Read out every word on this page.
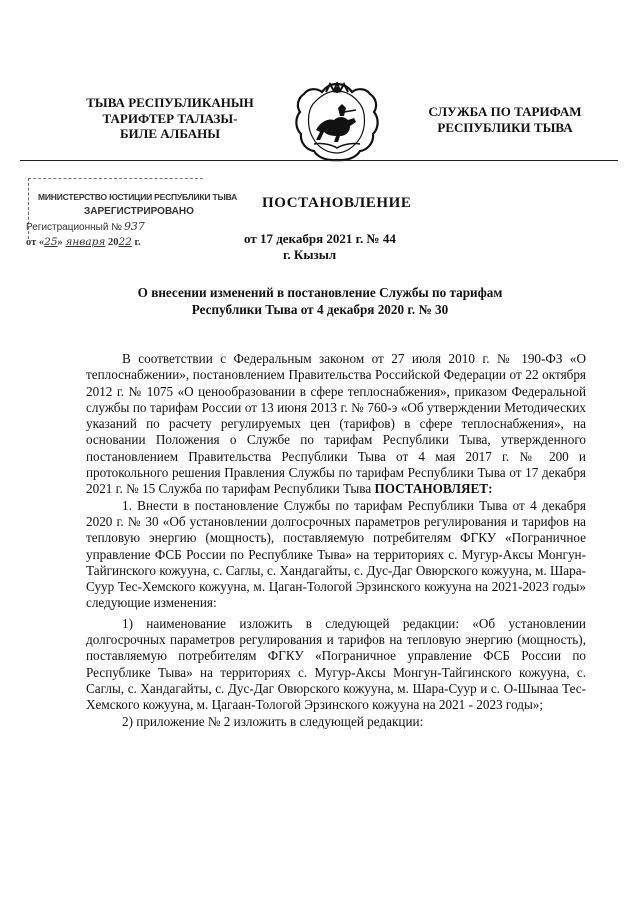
ТЫВА РЕСПУБЛИКАНЫН
ТАРИФТЕР ТАЛАЗЫ-
БИЛЕ АЛБАНЫ
СЛУЖБА ПО ТАРИФАМ
РЕСПУБЛИКИ ТЫВА
МИНИСТЕРСТВО ЮСТИЦИИ РЕСПУБЛИКИ ТЫВА
ЗАРЕГИСТРИРОВАНО
Регистрационный № 937
от «25» января 2022 г.
ПОСТАНОВЛЕНИЕ
от 17 декабря 2021 г. № 44
г. Кызыл
О внесении изменений в постановление Службы по тарифам Республики Тыва от 4 декабря 2020 г. № 30

В соответствии с Федеральным законом от 27 июля 2010 г. № 190-ФЗ «О теплоснабжении», постановлением Правительства Российской Федерации от 22 октября 2012 г. № 1075 «О ценообразовании в сфере теплоснабжения», приказом Федеральной службы по тарифам России от 13 июня 2013 г. № 760-э «Об утверждении Методических указаний по расчету регулируемых цен (тарифов) в сфере теплоснабжения», на основании Положения о Службе по тарифам Республики Тыва, утвержденного постановлением Правительства Республики Тыва от 4 мая 2017 г. № 200 и протокольного решения Правления Службы по тарифам Республики Тыва от 17 декабря 2021 г. № 15 Служба по тарифам Республики Тыва ПОСТАНОВЛЯЕТ:

1. Внести в постановление Службы по тарифам Республики Тыва от 4 декабря 2020 г. № 30 «Об установлении долгосрочных параметров регулирования и тарифов на тепловую энергию (мощность), поставляемую потребителям ФГКУ «Пограничное управление ФСБ России по Республике Тыва» на территориях с. Мугур-Аксы Монгун-Тайгинского кожууна, с. Саглы, с. Хандагайты, с. Дус-Даг Овюрского кожууна, м. Шара-Суур Тес-Хемского кожууна, м. Цаган-Тологой Эрзинского кожууна на 2021-2023 годы» следующие изменения:

1) наименование изложить в следующей редакции: «Об установлении долгосрочных параметров регулирования и тарифов на тепловую энергию (мощность), поставляемую потребителям ФГКУ «Пограничное управление ФСБ России по Республике Тыва» на территориях с. Мугур-Аксы Монгун-Тайгинского кожууна, с. Саглы, с. Хандагайты, с. Дус-Даг Овюрского кожууна, м. Шара-Суур и с. О-Шынаа Тес-Хемского кожууна, м. Цагаан-Тологой Эрзинского кожууна на 2021 - 2023 годы»;

2) приложение № 2 изложить в следующей редакции:
